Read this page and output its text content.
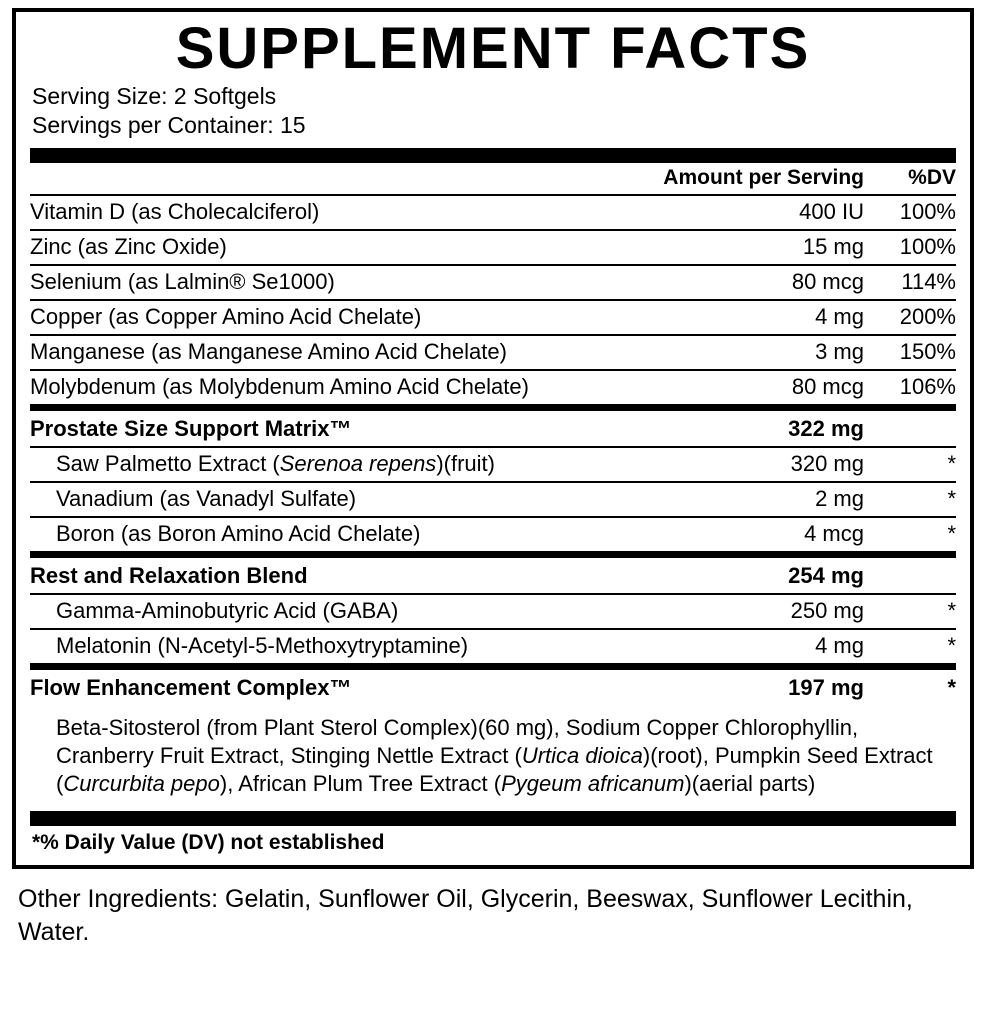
SUPPLEMENT FACTS
Serving Size: 2 Softgels
Servings per Container: 15
	Amount per Serving	%DV
Vitamin D (as Cholecalciferol)	400 IU	100%
Zinc (as Zinc Oxide)	15 mg	100%
Selenium (as Lalmin® Se1000)	80 mcg	114%
Copper (as Copper Amino Acid Chelate)	4 mg	200%
Manganese (as Manganese Amino Acid Chelate)	3 mg	150%
Molybdenum (as Molybdenum Amino Acid Chelate)	80 mcg	106%
Prostate Size Support Matrix™	322 mg	
Saw Palmetto Extract (Serenoa repens)(fruit)	320 mg	*
Vanadium (as Vanadyl Sulfate)	2 mg	*
Boron (as Boron Amino Acid Chelate)	4 mcg	*
Rest and Relaxation Blend	254 mg	
Gamma-Aminobutyric Acid (GABA)	250 mg	*
Melatonin (N-Acetyl-5-Methoxytryptamine)	4 mg	*
Flow Enhancement Complex™	197 mg	*
Beta-Sitosterol (from Plant Sterol Complex)(60 mg), Sodium Copper Chlorophyllin, Cranberry Fruit Extract, Stinging Nettle Extract (Urtica dioica)(root), Pumpkin Seed Extract (Curcurbita pepo), African Plum Tree Extract (Pygeum africanum)(aerial parts)
*% Daily Value (DV) not established
Other Ingredients: Gelatin, Sunflower Oil, Glycerin, Beeswax, Sunflower Lecithin, Water.
